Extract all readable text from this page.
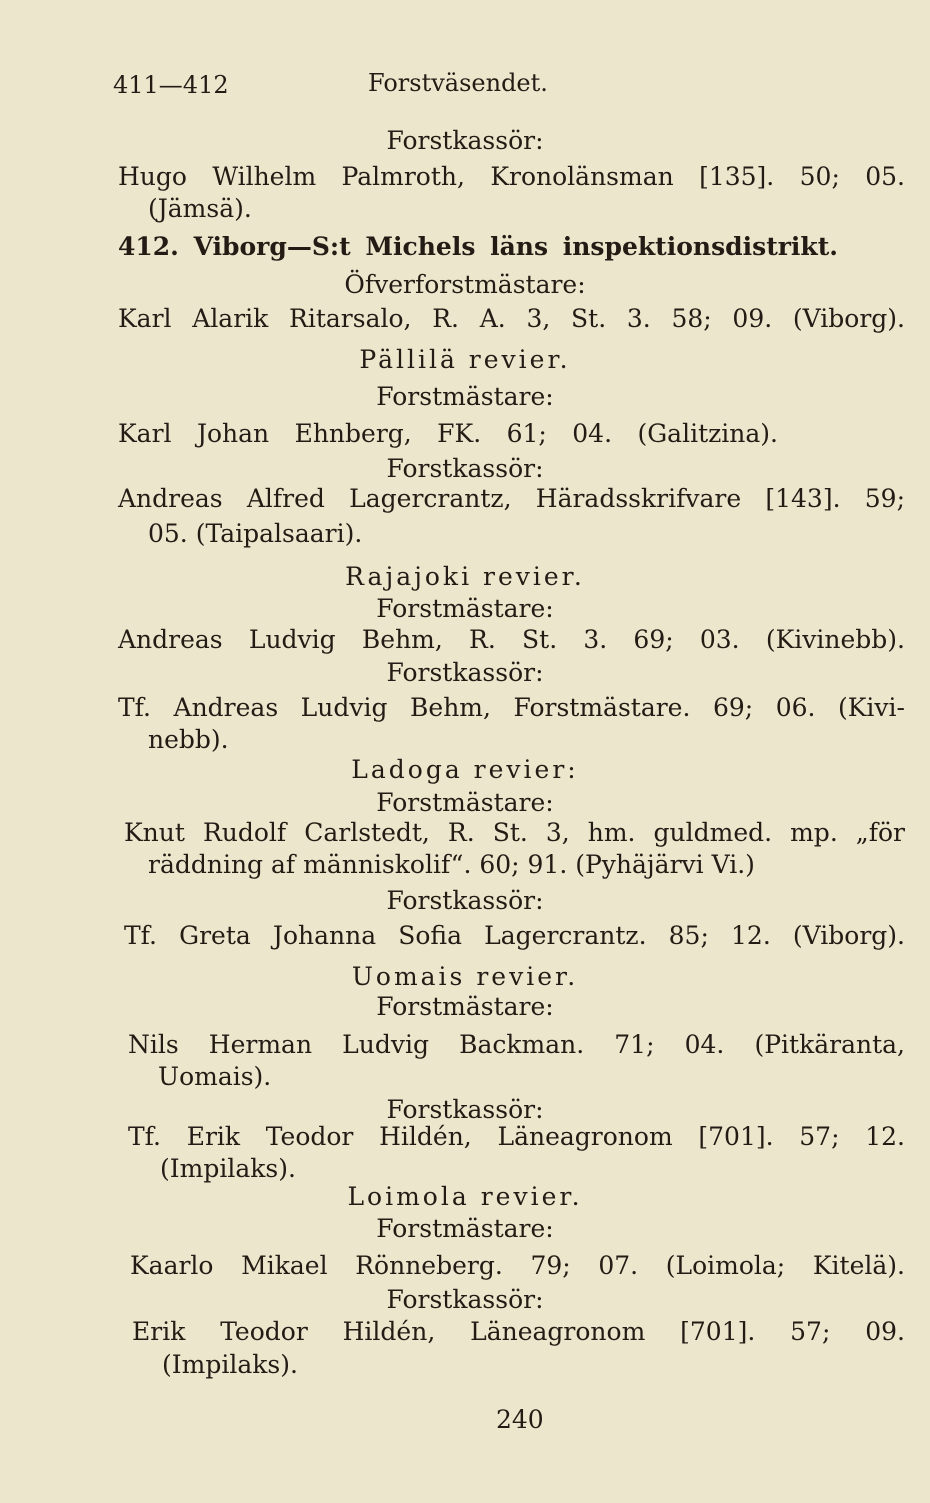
411—412	Forstväsendet.
Forstkassör:
Hugo Wilhelm Palmroth, Kronolänsman [135]. 50; 05.
(Jämsä).
412. Viborg—S:t Michels läns inspektionsdistrikt.
Öfverforstmästare:
Karl Alarik Ritarsalo, R. A. 3, St. 3. 58; 09. (Viborg).
Pällilä revier.
Forstmästare:
Karl Johan Ehnberg, FK. 61; 04. (Galitzina).
Forstkassör:
Andreas Alfred Lagercrantz, Häradsskrifvare [143]. 59;
05. (Taipalsaari).
Rajajoki revier.
Forstmästare:
Andreas Ludvig Behm, R. St. 3. 69; 03. (Kivinebb).
Forstkassör:
Tf. Andreas Ludvig Behm, Forstmästare. 69; 06. (Kivi-
nebb).
Ladoga revier:
Forstmästare:
Knut Rudolf Carlstedt, R. St. 3, hm. guldmed. mp. „för
räddning af människolif“. 60; 91. (Pyhäjärvi Vi.)
Forstkassör:
Tf. Greta Johanna Sofia Lagercrantz. 85; 12. (Viborg).
Uomais revier.
Forstmästare:
Nils Herman Ludvig Backman. 71; 04. (Pitkäranta,
Uomais).
Forstkassör:
Tf. Erik Teodor Hildén, Läneagronom [701]. 57; 12.
(Impilaks).
Loimola revier.
Forstmästare:
Kaarlo Mikael Rönneberg. 79; 07. (Loimola; Kitelä).
Forstkassör:
Erik Teodor Hildén, Läneagronom [701]. 57; 09.
(Impilaks).
240
